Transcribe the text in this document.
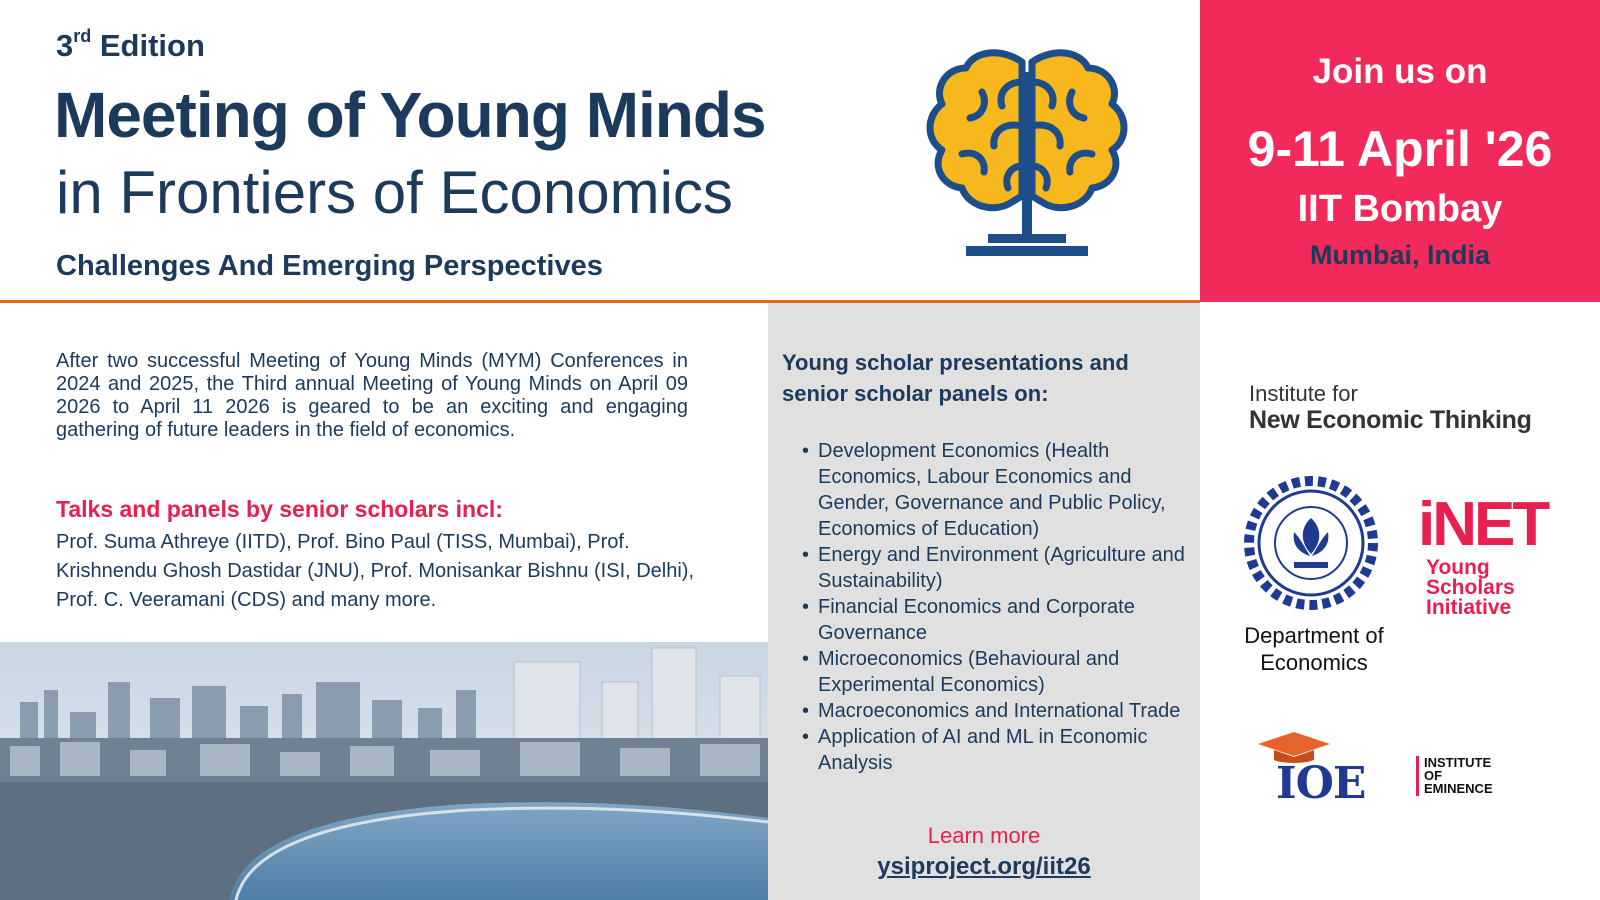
3rd Edition
Meeting of Young Minds
in Frontiers of Economics
Challenges And Emerging Perspectives
Join us on
9-11 April '26
IIT Bombay
Mumbai, India

After two successful Meeting of Young Minds (MYM) Conferences in 2024 and 2025, the Third annual Meeting of Young Minds on April 09 2026 to April 11 2026 is geared to be an exciting and engaging gathering of future leaders in the field of economics.

Talks and panels by senior scholars incl:

Prof. Suma Athreye (IITD), Prof. Bino Paul (TISS, Mumbai), Prof. Krishnendu Ghosh Dastidar (JNU), Prof. Monisankar Bishnu (ISI, Delhi), Prof. C. Veeramani (CDS) and many more.

Young scholar presentations and senior scholar panels on:
• Development Economics (Health Economics, Labour Economics and Gender, Governance and Public Policy, Economics of Education)
• Energy and Environment (Agriculture and Sustainability)
• Financial Economics and Corporate Governance
• Microeconomics (Behavioural and Experimental Economics)
• Macroeconomics and International Trade
• Application of AI and ML in Economic Analysis
Learn more
ysiproject.org/iit26
Institute for
New Economic Thinking
Department of
Economics
iNET
Young
Scholars
Initiative
IOE	INSTITUTE
OF
EMINENCE
